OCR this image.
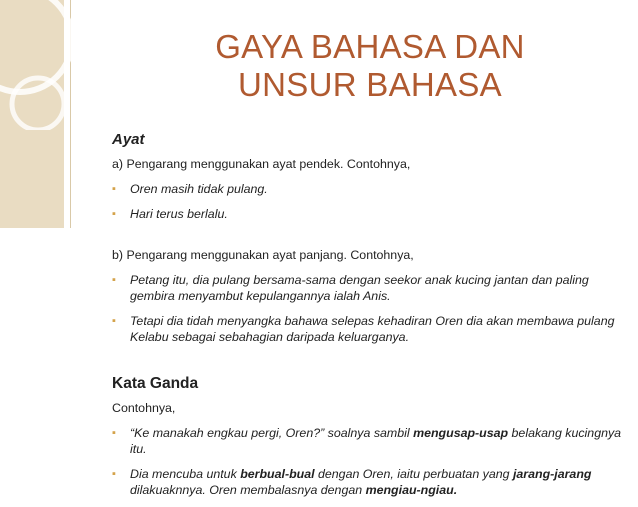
GAYA BAHASA DAN
UNSUR BAHASA
Ayat
a) Pengarang menggunakan ayat pendek. Contohnya,
▪ Oren masih tidak pulang.
▪ Hari terus berlalu.
b) Pengarang menggunakan ayat panjang. Contohnya,
▪ Petang itu, dia pulang bersama-sama dengan seekor anak kucing jantan dan paling gembira menyambut kepulangannya ialah Anis.
▪ Tetapi dia tidah menyangka bahawa selepas kehadiran Oren dia akan membawa pulang Kelabu sebagai sebahagian daripada keluarganya.
Kata Ganda
Contohnya,
▪ “Ke manakah engkau pergi, Oren?” soalnya sambil mengusap-usap belakang kucingnya itu.
▪ Dia mencuba untuk berbual-bual dengan Oren, iaitu perbuatan yang jarang-jarang dilakuaknnya. Oren membalasnya dengan mengiau-ngiau.
